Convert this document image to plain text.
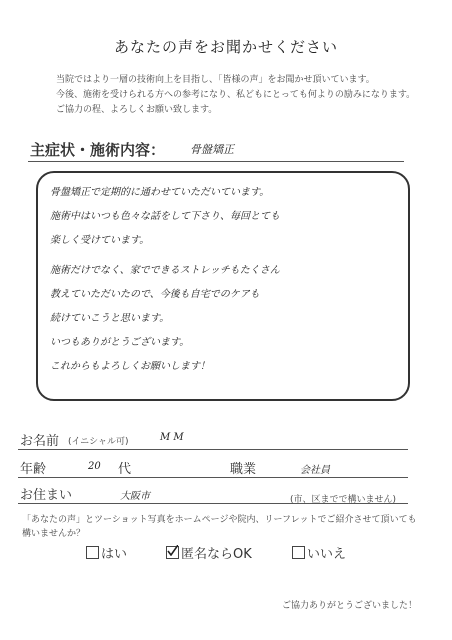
あなたの声をお聞かせください
当院ではより一層の技術向上を目指し、「皆様の声」をお聞かせ頂いています。
今後、施術を受けられる方への参考になり、私どもにとっても何よりの励みになります。
ご協力の程、よろしくお願い致します。
主症状・施術内容： 骨盤矯正
骨盤矯正で定期的に通わせていただいています。
施術中はいつも色々な話をして下さり、毎回とても
楽しく受けています。
施術だけでなく、家でできるストレッチもたくさん
教えていただいたので、今後も自宅でのケアも
続けていこうと思います。
いつもありがとうございます。
これからもよろしくお願いします！
お名前 (イニシャル可)	M M
年齢	20 代	職業	会社員
お住まい	大阪市	(市、区までで構いません)
「あなたの声」とツーショット写真をホームページや院内、リーフレットでご紹介させて頂いても
構いませんか？
はい	匿名ならOK	いいえ
ご協力ありがとうございました！
